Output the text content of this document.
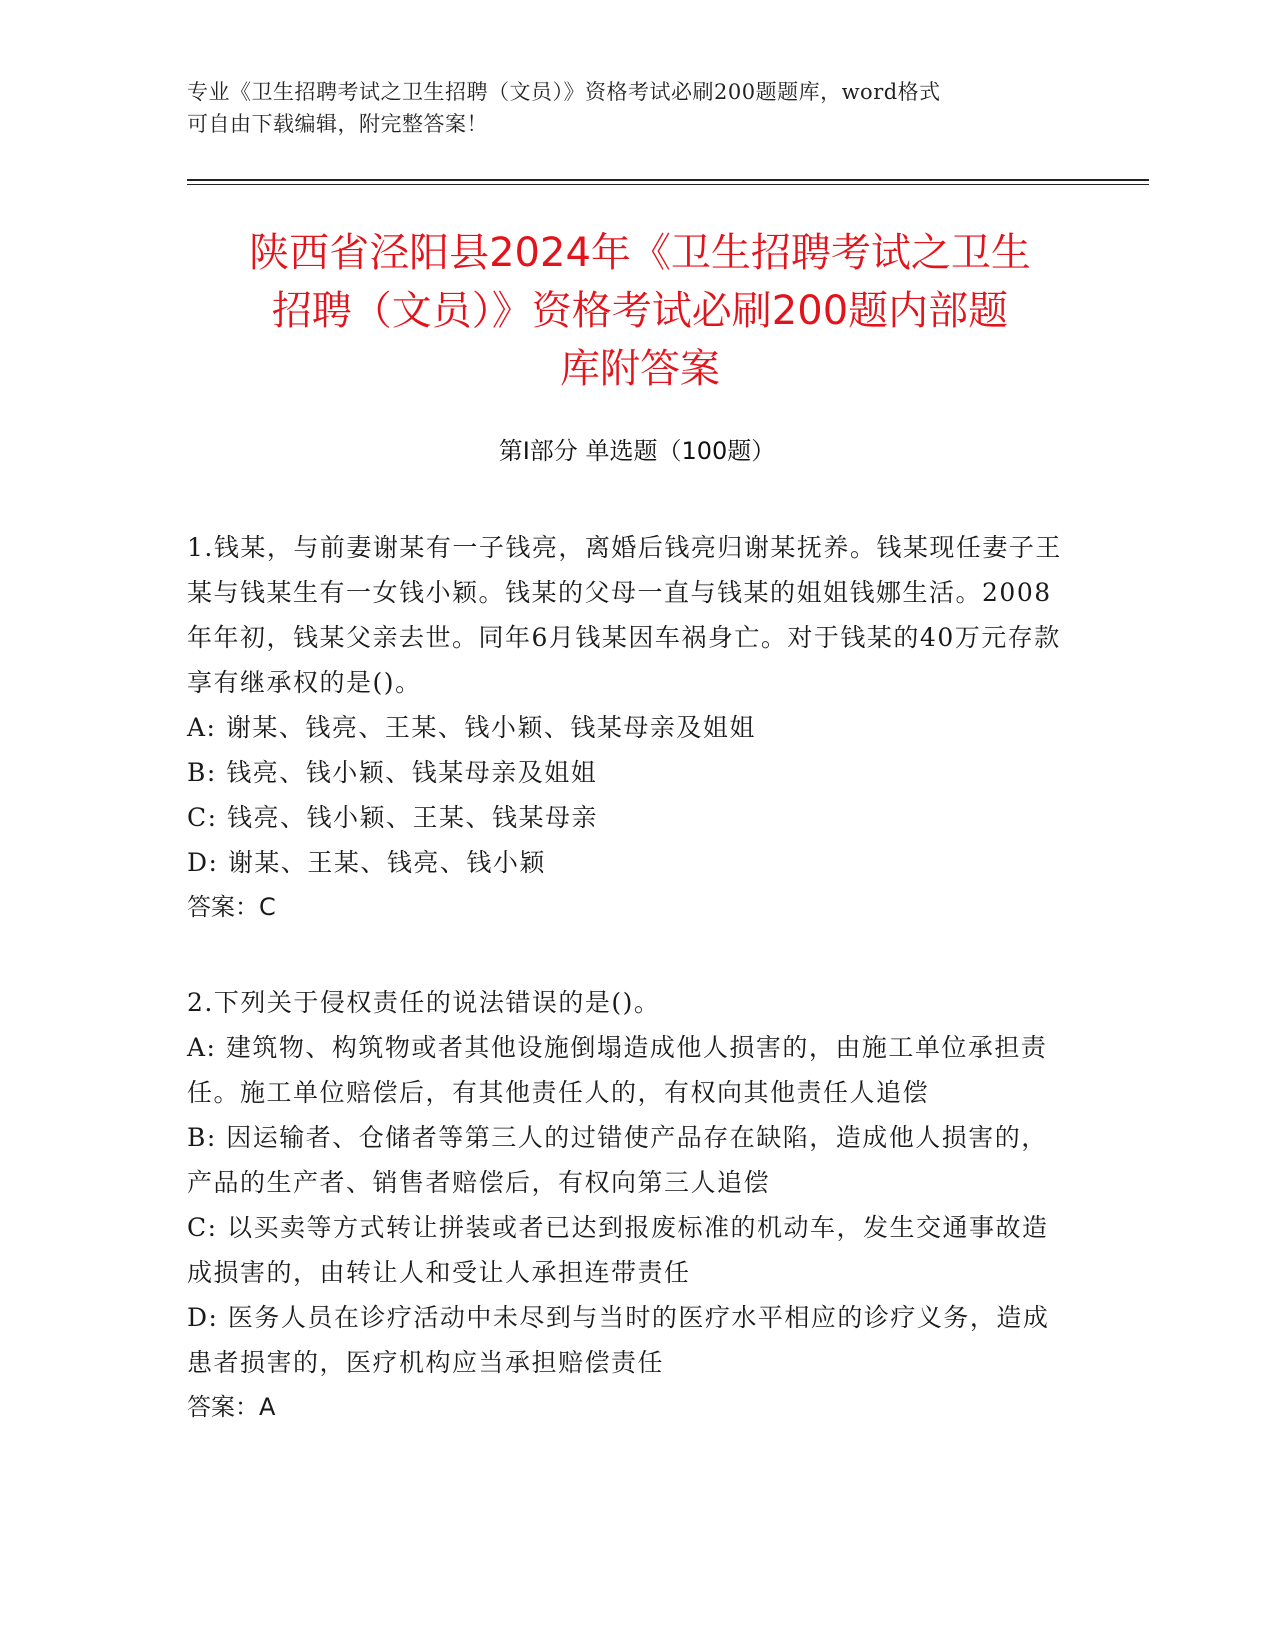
专业《卫生招聘考试之卫生招聘（文员）》资格考试必刷200题题库，word格式
可自由下载编辑，附完整答案！
陕西省泾阳县2024年《卫生招聘考试之卫生
招聘（文员）》资格考试必刷200题内部题
库附答案
第Ⅰ部分 单选题（100题）
1.钱某，与前妻谢某有一子钱亮，离婚后钱亮归谢某抚养。钱某现任妻子王某与钱某生有一女钱小颖。钱某的父母一直与钱某的姐姐钱娜生活。2008年年初，钱某父亲去世。同年6月钱某因车祸身亡。对于钱某的40万元存款享有继承权的是()。
A: 谢某、钱亮、王某、钱小颖、钱某母亲及姐姐
B: 钱亮、钱小颖、钱某母亲及姐姐
C: 钱亮、钱小颖、王某、钱某母亲
D: 谢某、王某、钱亮、钱小颖
答案：C
2.下列关于侵权责任的说法错误的是()。
A: 建筑物、构筑物或者其他设施倒塌造成他人损害的，由施工单位承担责任。施工单位赔偿后，有其他责任人的，有权向其他责任人追偿
B: 因运输者、仓储者等第三人的过错使产品存在缺陷，造成他人损害的，产品的生产者、销售者赔偿后，有权向第三人追偿
C: 以买卖等方式转让拼装或者已达到报废标准的机动车，发生交通事故造成损害的，由转让人和受让人承担连带责任
D: 医务人员在诊疗活动中未尽到与当时的医疗水平相应的诊疗义务，造成患者损害的，医疗机构应当承担赔偿责任
答案：A
